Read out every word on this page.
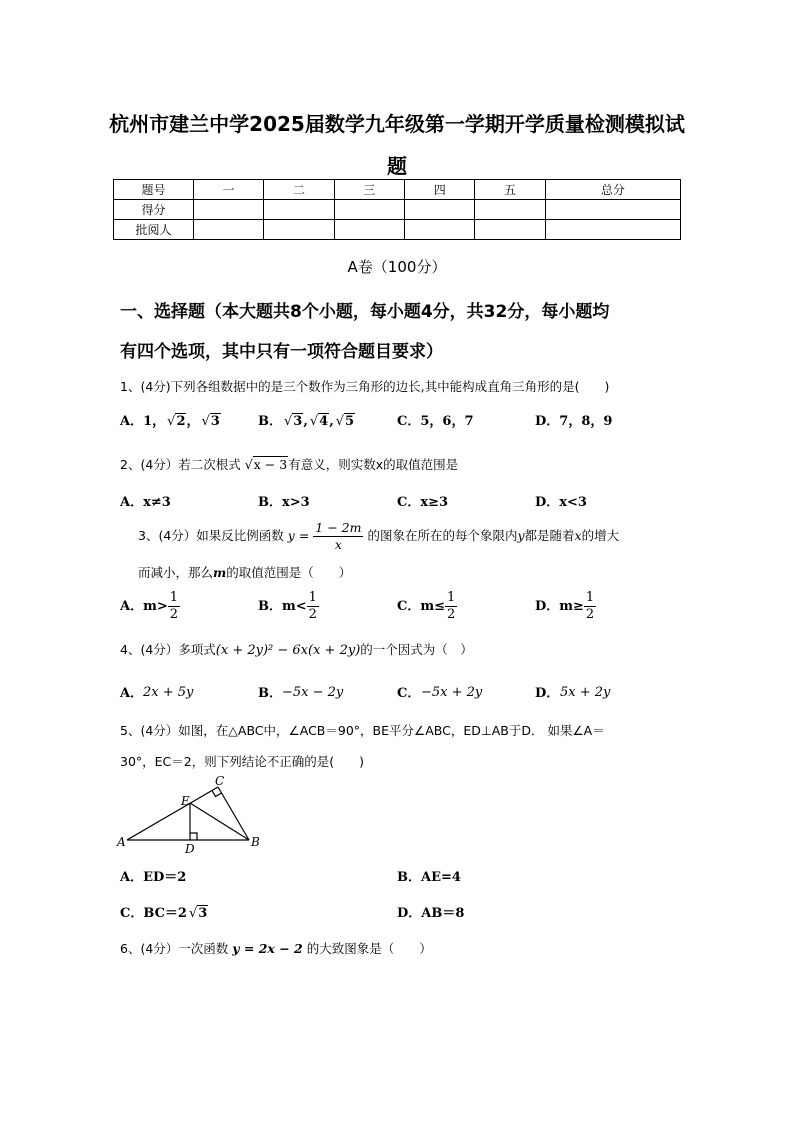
杭州市建兰中学2025届数学九年级第一学期开学质量检测模拟试
题
题号	一	二	三	四	五	总分
得分						
批阅人						
A卷（100分）
一、选择题（本大题共8个小题，每小题4分，共32分，每小题均
有四个选项，其中只有一项符合题目要求）
1、(4分)下列各组数据中的是三个数作为三角形的边长,其中能构成直角三角形的是(　　)
A．1， √ 2， √ 3	B． √ 3, √ 4, √ 5	C．5，6，7	D．7，8，9
2、(4分）若二次根式 √ x − 3有意义，则实数x的取值范围是
A．x≠3	B．x>3	C．x≥3	D．x<3
3、(4分）如果反比例函数 $y = \frac{1 - 2m}{x}$ 的图象在所在的每个象限内y都是随着x的增大
而减小，那么m的取值范围是（　　）
A．$m> \frac{1}{2}$	B．$m< \frac{1}{2}$	C．$m\le \frac{1}{2}$	D．$m\ge \frac{1}{2}$
4、(4分）多项式(x + 2y)² − 6x(x + 2y)的一个因式为（　）
A． 2x + 5y	B． −5x − 2y	C． −5x + 2y	D． 5x + 2y
5、(4分）如图，在△ABC中，∠ACB＝90°，BE平分∠ABC，ED⊥AB于D． 如果∠A＝
30°，EC＝2，则下列结论不正确的是(　　)
A	B
C
D
E
A．ED＝2	B．AE=4
C．BC＝2 √ 3	D．AB＝8
6、(4分）一次函数 y = 2x − 2 的大致图象是（　　）
